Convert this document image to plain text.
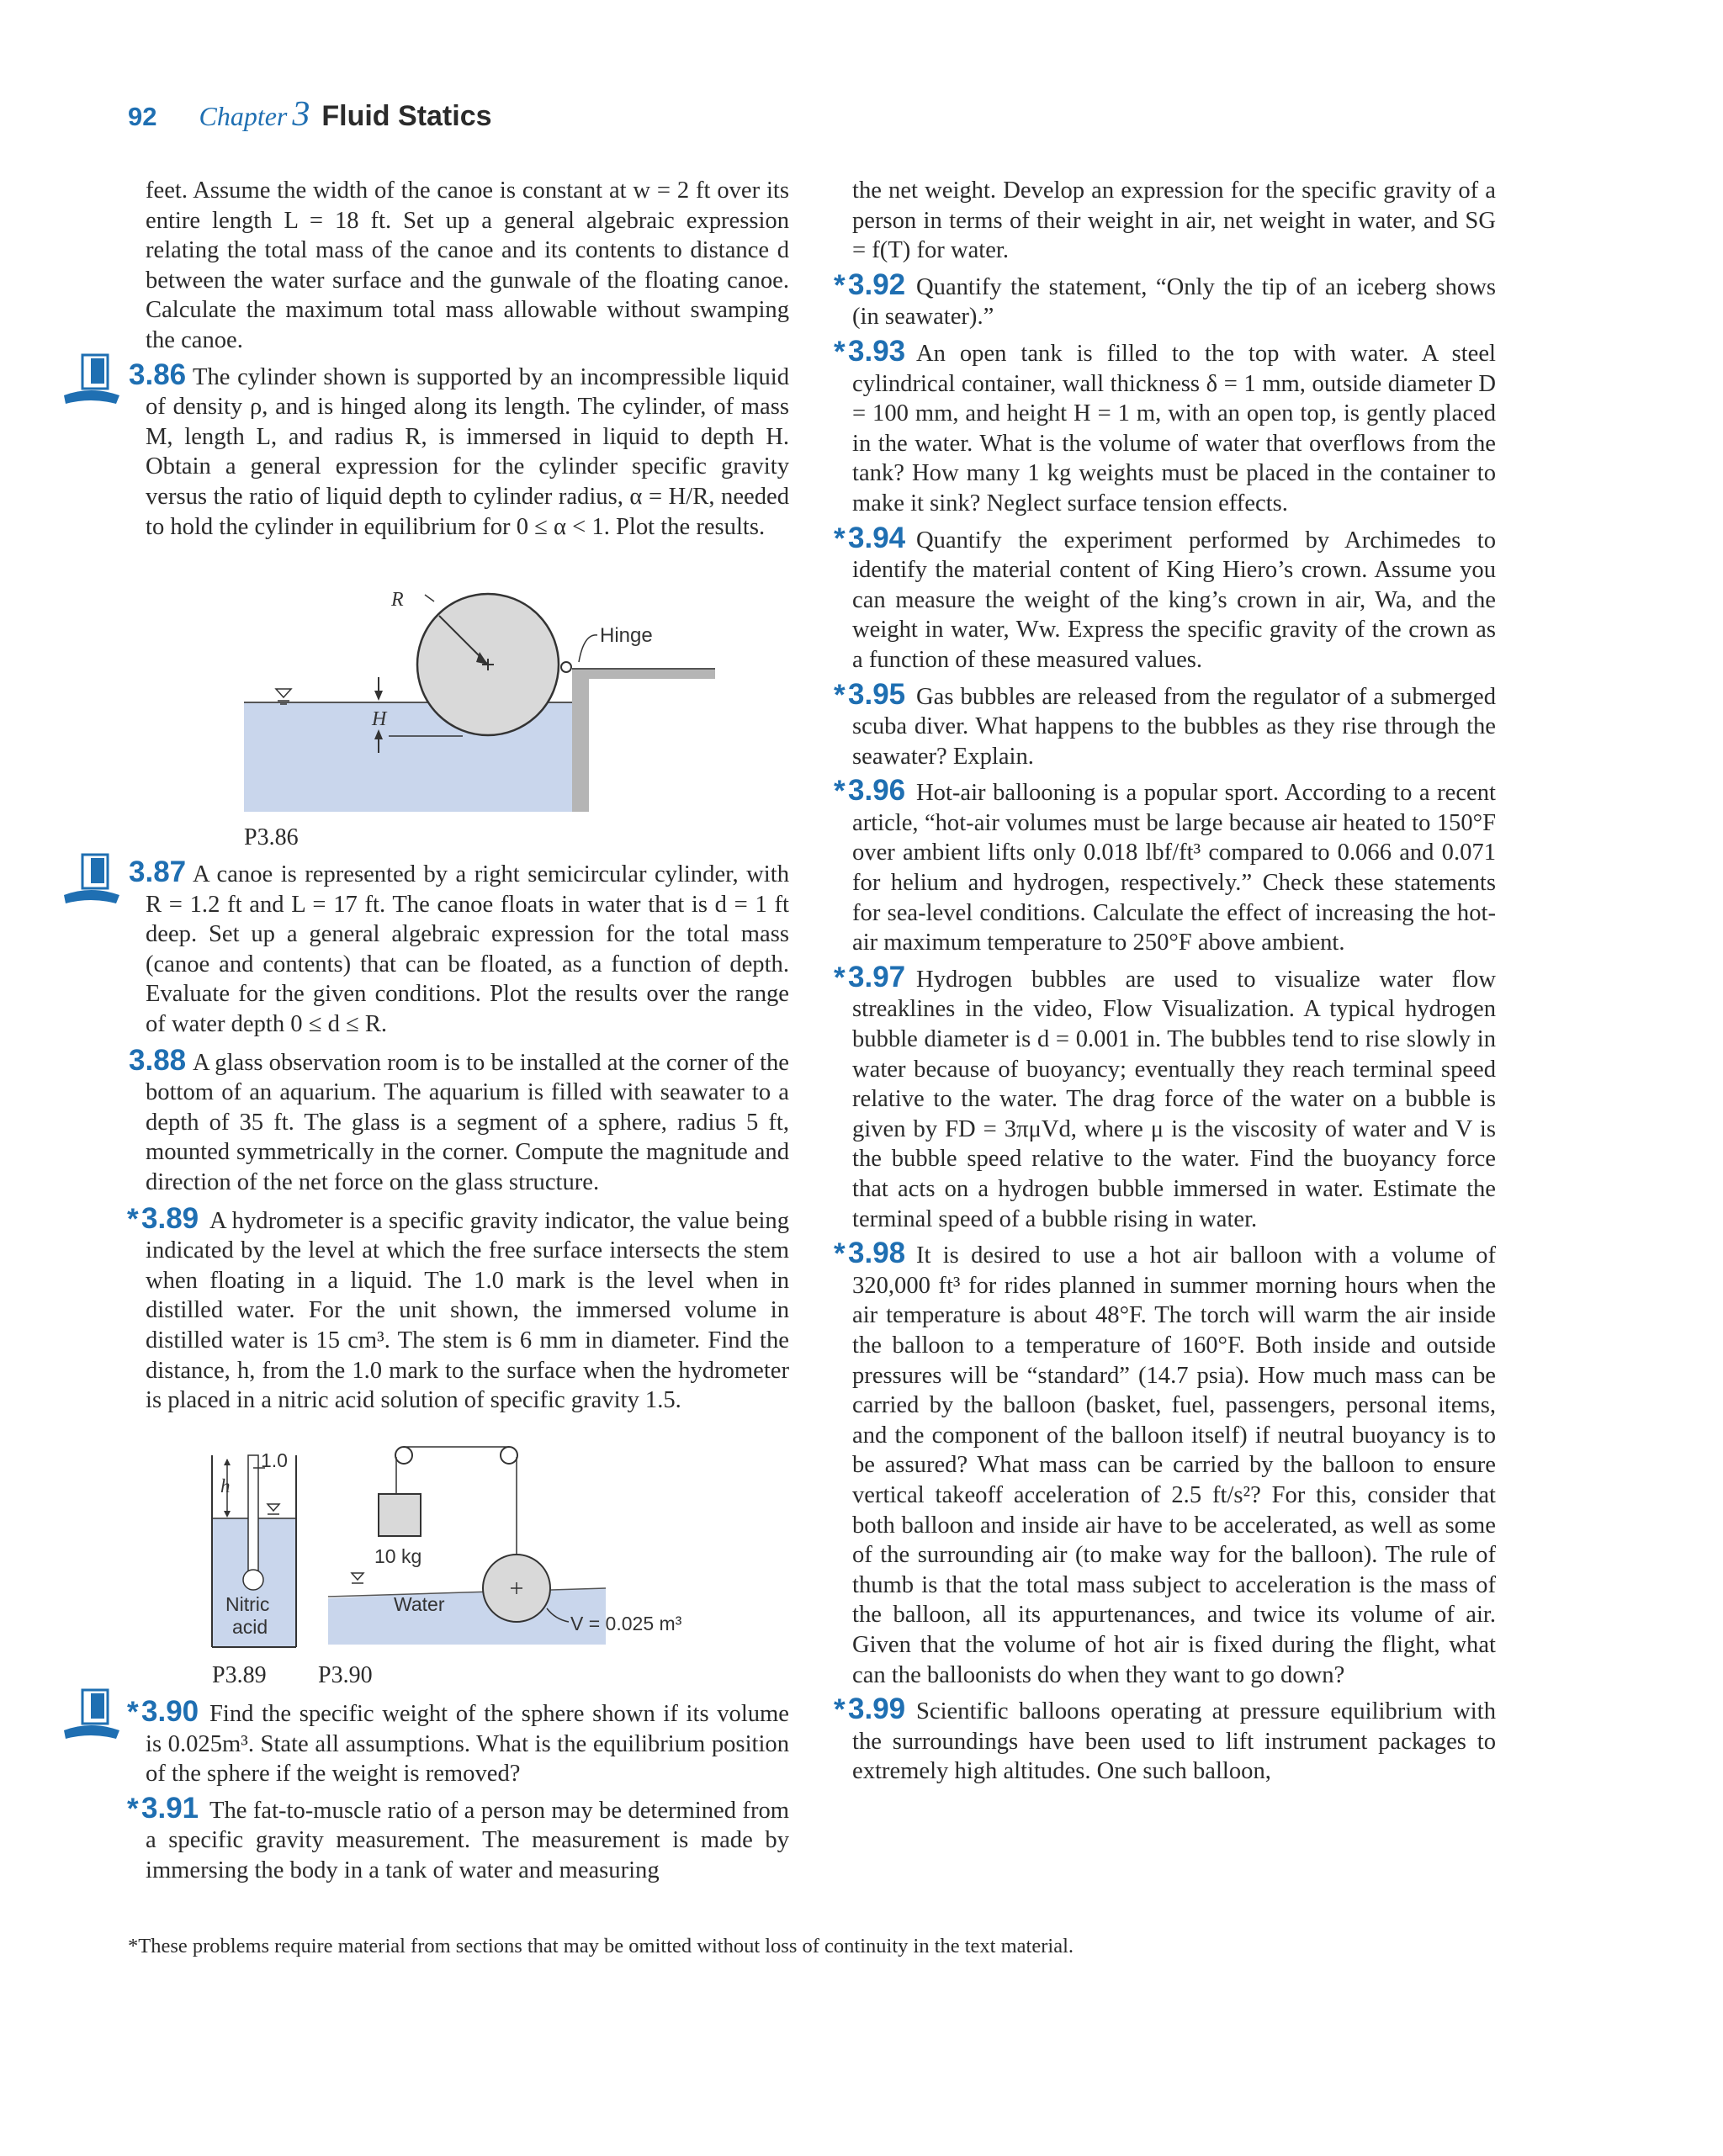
92 Chapter 3 Fluid Statics

feet. Assume the width of the canoe is constant at w = 2 ft over its entire length L = 18 ft. Set up a general algebraic expression relating the total mass of the canoe and its contents to distance d between the water surface and the gunwale of the floating canoe. Calculate the maximum total mass allowable without swamping the canoe.

3.86 The cylinder shown is supported by an incompressible liquid of density ρ, and is hinged along its length. The cylinder, of mass M, length L, and radius R, is immersed in liquid to depth H. Obtain a general expression for the cylinder specific gravity versus the ratio of liquid depth to cylinder radius, α = H/R, needed to hold the cylinder in equilibrium for 0 ≤ α < 1. Plot the results.

R
Hinge
H
P3.86

3.87 A canoe is represented by a right semicircular cylinder, with R = 1.2 ft and L = 17 ft. The canoe floats in water that is d = 1 ft deep. Set up a general algebraic expression for the total mass (canoe and contents) that can be floated, as a function of depth. Evaluate for the given conditions. Plot the results over the range of water depth 0 ≤ d ≤ R.

3.88 A glass observation room is to be installed at the corner of the bottom of an aquarium. The aquarium is filled with seawater to a depth of 35 ft. The glass is a segment of a sphere, radius 5 ft, mounted symmetrically in the corner. Compute the magnitude and direction of the net force on the glass structure.

* 3.89 A hydrometer is a specific gravity indicator, the value being indicated by the level at which the free surface intersects the stem when floating in a liquid. The 1.0 mark is the level when in distilled water. For the unit shown, the immersed volume in distilled water is 15 cm³. The stem is 6 mm in diameter. Find the distance, h, from the 1.0 mark to the surface when the hydrometer is placed in a nitric acid solution of specific gravity 1.5.

1.0
h
Nitric
acid
10 kg
Water
V = 0.025 m³
P3.89 P3.90

* 3.90 Find the specific weight of the sphere shown if its volume is 0.025m³. State all assumptions. What is the equilibrium position of the sphere if the weight is removed?

* 3.91 The fat-to-muscle ratio of a person may be determined from a specific gravity measurement. The measurement is made by immersing the body in a tank of water and measuring

the net weight. Develop an expression for the specific gravity of a person in terms of their weight in air, net weight in water, and SG = f(T) for water.

* 3.92 Quantify the statement, “Only the tip of an iceberg shows (in seawater).”

* 3.93 An open tank is filled to the top with water. A steel cylindrical container, wall thickness δ = 1 mm, outside diameter D = 100 mm, and height H = 1 m, with an open top, is gently placed in the water. What is the volume of water that overflows from the tank? How many 1 kg weights must be placed in the container to make it sink? Neglect surface tension effects.

* 3.94 Quantify the experiment performed by Archimedes to identify the material content of King Hiero’s crown. Assume you can measure the weight of the king’s crown in air, Wa, and the weight in water, Ww. Express the specific gravity of the crown as a function of these measured values.

* 3.95 Gas bubbles are released from the regulator of a submerged scuba diver. What happens to the bubbles as they rise through the seawater? Explain.

* 3.96 Hot-air ballooning is a popular sport. According to a recent article, “hot-air volumes must be large because air heated to 150°F over ambient lifts only 0.018 lbf/ft³ compared to 0.066 and 0.071 for helium and hydrogen, respectively.” Check these statements for sea-level conditions. Calculate the effect of increasing the hot-air maximum temperature to 250°F above ambient.

* 3.97 Hydrogen bubbles are used to visualize water flow streaklines in the video, Flow Visualization. A typical hydrogen bubble diameter is d = 0.001 in. The bubbles tend to rise slowly in water because of buoyancy; eventually they reach terminal speed relative to the water. The drag force of the water on a bubble is given by FD = 3πμVd, where μ is the viscosity of water and V is the bubble speed relative to the water. Find the buoyancy force that acts on a hydrogen bubble immersed in water. Estimate the terminal speed of a bubble rising in water.

* 3.98 It is desired to use a hot air balloon with a volume of 320,000 ft³ for rides planned in summer morning hours when the air temperature is about 48°F. The torch will warm the air inside the balloon to a temperature of 160°F. Both inside and outside pressures will be “standard” (14.7 psia). How much mass can be carried by the balloon (basket, fuel, passengers, personal items, and the component of the balloon itself) if neutral buoyancy is to be assured? What mass can be carried by the balloon to ensure vertical takeoff acceleration of 2.5 ft/s²? For this, consider that both balloon and inside air have to be accelerated, as well as some of the surrounding air (to make way for the balloon). The rule of thumb is that the total mass subject to acceleration is the mass of the balloon, all its appurtenances, and twice its volume of air. Given that the volume of hot air is fixed during the flight, what can the balloonists do when they want to go down?

* 3.99 Scientific balloons operating at pressure equilibrium with the surroundings have been used to lift instrument packages to extremely high altitudes. One such balloon,

*These problems require material from sections that may be omitted without loss of continuity in the text material.
